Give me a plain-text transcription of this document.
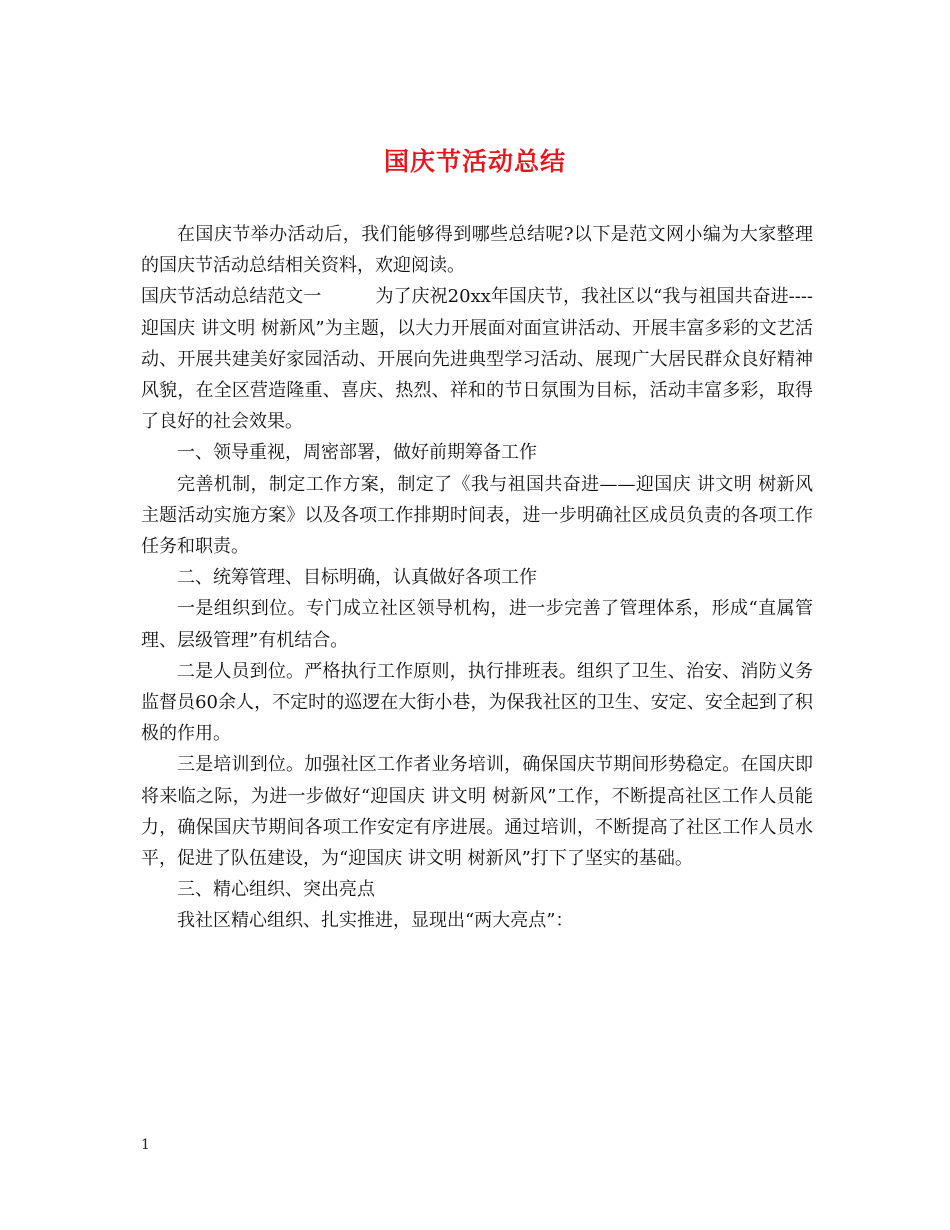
国庆节活动总结

在国庆节举办活动后，我们能够得到哪些总结呢?以下是范文网小编为大家整理的国庆节活动总结相关资料，欢迎阅读。

国庆节活动总结范文一　　　为了庆祝20xx年国庆节，我社区以“我与祖国共奋进----迎国庆 讲文明 树新风”为主题，以大力开展面对面宣讲活动、开展丰富多彩的文艺活动、开展共建美好家园活动、开展向先进典型学习活动、展现广大居民群众良好精神风貌，在全区营造隆重、喜庆、热烈、祥和的节日氛围为目标，活动丰富多彩，取得了良好的社会效果。

一、领导重视，周密部署，做好前期筹备工作

完善机制，制定工作方案，制定了《我与祖国共奋进——迎国庆 讲文明 树新风主题活动实施方案》以及各项工作排期时间表，进一步明确社区成员负责的各项工作任务和职责。

二、统筹管理、目标明确，认真做好各项工作

一是组织到位。专门成立社区领导机构，进一步完善了管理体系，形成“直属管理、层级管理”有机结合。

二是人员到位。严格执行工作原则，执行排班表。组织了卫生、治安、消防义务监督员60余人，不定时的巡逻在大街小巷，为保我社区的卫生、安定、安全起到了积极的作用。

三是培训到位。加强社区工作者业务培训，确保国庆节期间形势稳定。在国庆即将来临之际，为进一步做好“迎国庆 讲文明 树新风”工作，不断提高社区工作人员能力，确保国庆节期间各项工作安定有序进展。通过培训，不断提高了社区工作人员水平，促进了队伍建设，为“迎国庆 讲文明 树新风”打下了坚实的基础。

三、精心组织、突出亮点

我社区精心组织、扎实推进，显现出“两大亮点”：

1
